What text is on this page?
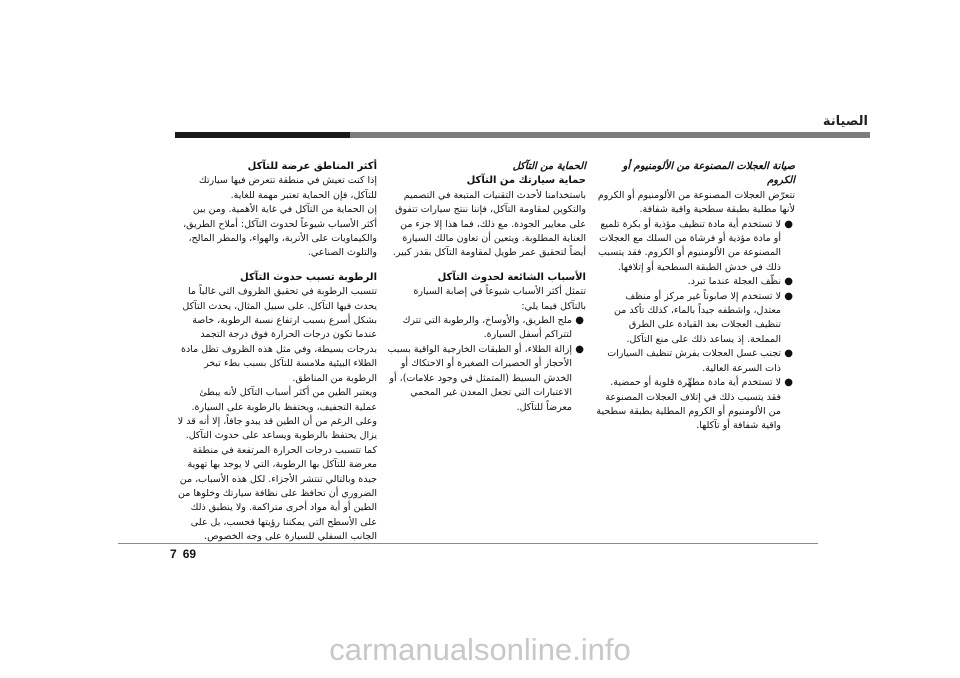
الصيانة
صيانة العجلات المصنوعة من الألومنيوم أو الكروم

تتعرّض العجلات المصنوعة من الألومنيوم أو الكروم لأنها مطلية بطبقة سطحية واقية شفافة.

●
لا تستخدم أية مادة تنظيف مؤذية أو بكرة تلميع أو مادة مؤذية أو فرشاة من السلك مع العجلات المصنوعة من الألومنيوم أو الكروم. فقد يتسبب ذلك في خدش الطبقة السطحية أو إتلافها.
●
نظّف العجلة عندما تبرد.
●
لا تستخدم إلا صابوناً غير مركز أو منظف معتدل، واشطفه جيداً بالماء، كذلك تأكد من تنظيف العجلات بعد القيادة على الطرق المملحة. إذ يساعد ذلك على منع التآكل.
●
تجنب غسل العجلات بفرش تنظيف السيارات ذات السرعة العالية.
●
لا تستخدم أية مادة مطهِّرة قلوية أو حمضية. فقد يتسبب ذلك في إتلاف العجلات المصنوعة من الألومنيوم أو الكروم المطلية بطبقة سطحية واقية شفافة أو تآكلها.
الحماية من التآكل
حماية سيارتك من التآكل

باستخدامنا لأحدث التقنيات المتبعة في التصميم والتكوين لمقاومة التآكل، فإننا ننتج سيارات تتفوق على معايير الجودة. مع ذلك، فما هذا إلا جزء من العناية المطلوبة. ويتعين أن تعاون مالك السيارة أيضاً لتحقيق عمر طويل لمقاومة التآكل بقدر كبير.

الأسباب الشائعة لحدوث التآكل

تتمثل أكثر الأسباب شيوعاً في إصابة السيارة بالتآكل فيما يلي:

●
ملح الطريق، والأوساخ، والرطوبة التي تترك لتتراكم أسفل السيارة.
●
إزالة الطلاء، أو الطبقات الخارجية الواقية بسبب الأحجار أو الحصيرات الصغيرة أو الاحتكاك أو الخدش البسيط (المتمثل في وجود علامات)، أو الاعتبارات التي تجعل المعدن غير المحمي معرضاً للتآكل.
أكثر المناطق عرضة للتآكل

إذا كنت تعيش في منطقة تتعرض فيها سيارتك للتآكل، فإن الحماية تعتبر مهمة للغاية.

إن الحماية من التآكل في غاية الأهمية. ومن بين أكثر الأسباب شيوعاً لحدوث التآكل: أملاح الطريق، والكيماويات على الأتربة، والهواء، والمطر المالح، والتلوث الصناعي.

الرطوبة تسبب حدوث التآكل

تتسبب الرطوبة في تحقيق الظروف التي غالباً ما يحدث فيها التآكل. على سبيل المثال، يحدث التآكل بشكل أسرع بسبب ارتفاع نسبة الرطوبة، خاصة عندما تكون درجات الحرارة فوق درجة التجمد بدرجات بسيطة، وفي مثل هذه الظروف تظل مادة الطلاء البيئية ملامسة للتآكل بسبب بطء تبخر الرطوبة من المناطق.

ويعتبر الطين من أكثر أسباب التآكل لأنه يبطئ عملية التجفيف، ويحتفظ بالرطوبة على السيارة. وعلى الرغم من أن الطين قد يبدو جافاً، إلا أنه قد لا يزال يحتفظ بالرطوبة ويساعد على حدوث التآكل.

كما تتسبب درجات الحرارة المرتفعة في منطقة معرضة للتآكل بها الرطوبة، التي لا يوجد بها تهوية جيدة وبالتالي تنتشر الأجزاء. لكل هذه الأسباب، من الضروري أن تحافظ على نظافة سيارتك وخلوها من الطين أو أية مواد أخرى متراكمة. ولا ينطبق ذلك على الأسطح التي يمكننا رؤيتها فحسب، بل على الجانب السفلي للسيارة على وجه الخصوص.

7 69
carmanualsonline.info
